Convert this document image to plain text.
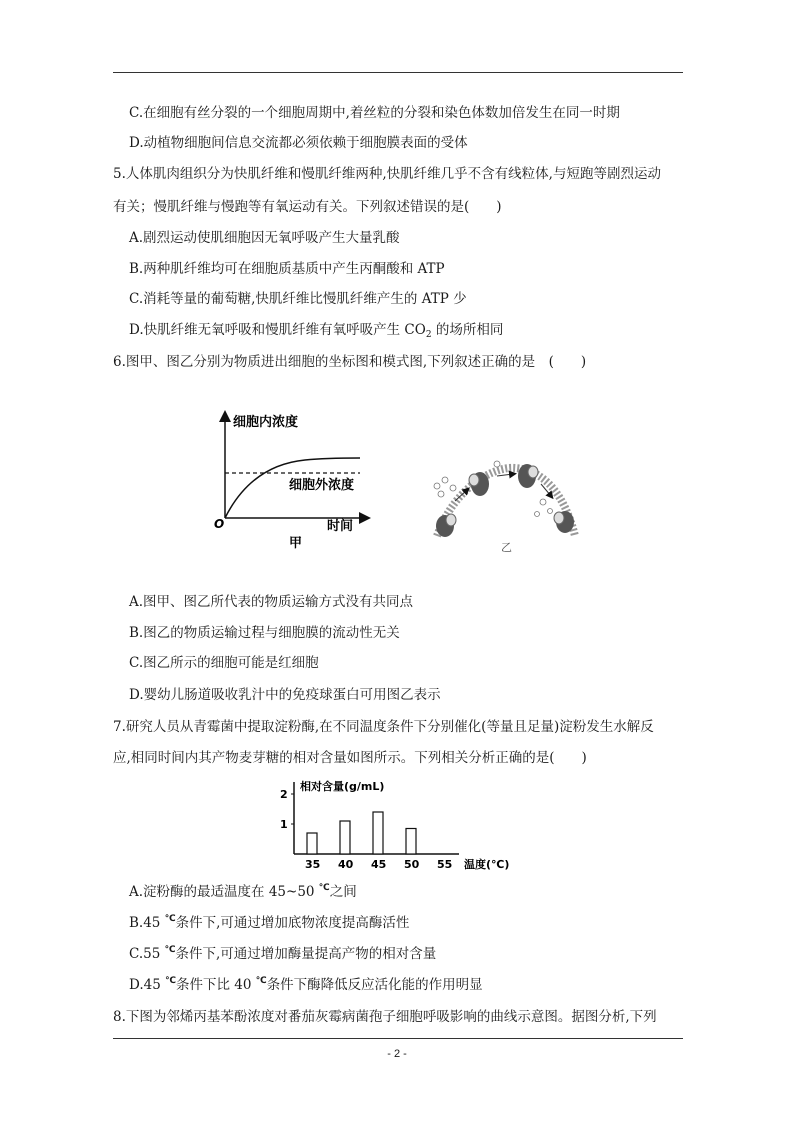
C.在细胞有丝分裂的一个细胞周期中,着丝粒的分裂和染色体数加倍发生在同一时期
D.动植物细胞间信息交流都必须依赖于细胞膜表面的受体
5.人体肌肉组织分为快肌纤维和慢肌纤维两种,快肌纤维几乎不含有线粒体,与短跑等剧烈运动
有关；慢肌纤维与慢跑等有氧运动有关。下列叙述错误的是(　　)
A.剧烈运动使肌细胞因无氧呼吸产生大量乳酸
B.两种肌纤维均可在细胞质基质中产生丙酮酸和 ATP
C.消耗等量的葡萄糖,快肌纤维比慢肌纤维产生的 ATP 少
D.快肌纤维无氧呼吸和慢肌纤维有氧呼吸产生 $CO_2$ 的场所相同
6.图甲、图乙分别为物质进出细胞的坐标图和模式图,下列叙述正确的是　(　　)
细胞内浓度
细胞外浓度
O	时间
甲	乙
A.图甲、图乙所代表的物质运输方式没有共同点
B.图乙的物质运输过程与细胞膜的流动性无关
C.图乙所示的细胞可能是红细胞
D.婴幼儿肠道吸收乳汁中的免疫球蛋白可用图乙表示
7.研究人员从青霉菌中提取淀粉酶,在不同温度条件下分别催化(等量且足量)淀粉发生水解反
应,相同时间内其产物麦芽糖的相对含量如图所示。下列相关分析正确的是(　　)
相对含量(g/mL)
温度(℃)
1
2
35 40 45 50 55
A.淀粉酶的最适温度在 45~50 ℃之间
B.45 ℃条件下,可通过增加底物浓度提高酶活性
C.55 ℃条件下,可通过增加酶量提高产物的相对含量
D.45 ℃条件下比 40 ℃条件下酶降低反应活化能的作用明显
8.下图为邻烯丙基苯酚浓度对番茄灰霉病菌孢子细胞呼吸影响的曲线示意图。据图分析,下列
- 2 -
